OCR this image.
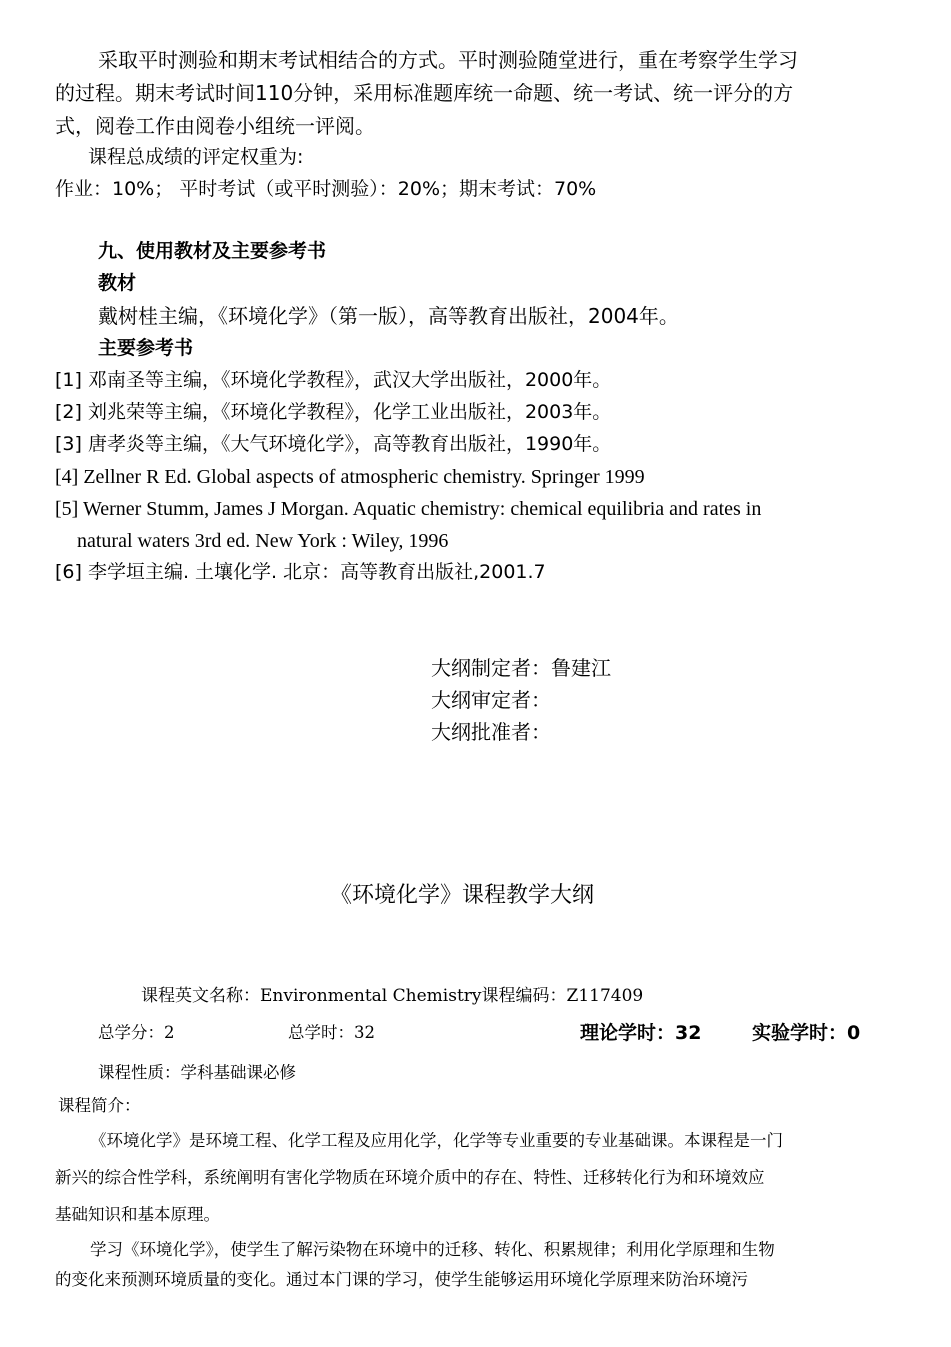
采取平时测验和期末考试相结合的方式。平时测验随堂进行，重在考察学生学习
的过程。期末考试时间110分钟，采用标准题库统一命题、统一考试、统一评分的方
式，阅卷工作由阅卷小组统一评阅。
课程总成绩的评定权重为:
作业：10%； 平时考试（或平时测验）：20%；期末考试：70%
九、使用教材及主要参考书
教材
戴树桂主编，《环境化学》（第一版），高等教育出版社，2004年。
主要参考书
[1] 邓南圣等主编，《环境化学教程》，武汉大学出版社，2000年。
[2] 刘兆荣等主编，《环境化学教程》，化学工业出版社，2003年。
[3] 唐孝炎等主编，《大气环境化学》，高等教育出版社，1990年。
[4] Zellner R Ed. Global aspects of atmospheric chemistry. Springer 1999
[5] Werner Stumm, James J Morgan. Aquatic chemistry: chemical equilibria and rates in
natural waters 3rd ed. New York : Wiley, 1996
[6] 李学垣主编. 土壤化学. 北京：高等教育出版社,2001.7
大纲制定者：鲁建江
大纲审定者：
大纲批准者：
《环境化学》课程教学大纲
课程英文名称：Environmental Chemistry课程编码：Z117409
总学分：2	总学时：32	理论学时：32	实验学时：0
课程性质：学科基础课必修
课程简介：
《环境化学》是环境工程、化学工程及应用化学，化学等专业重要的专业基础课。本课程是一门
新兴的综合性学科，系统阐明有害化学物质在环境介质中的存在、特性、迁移转化行为和环境效应
基础知识和基本原理。
学习《环境化学》，使学生了解污染物在环境中的迁移、转化、积累规律；利用化学原理和生物
的变化来预测环境质量的变化。通过本门课的学习，使学生能够运用环境化学原理来防治环境污
